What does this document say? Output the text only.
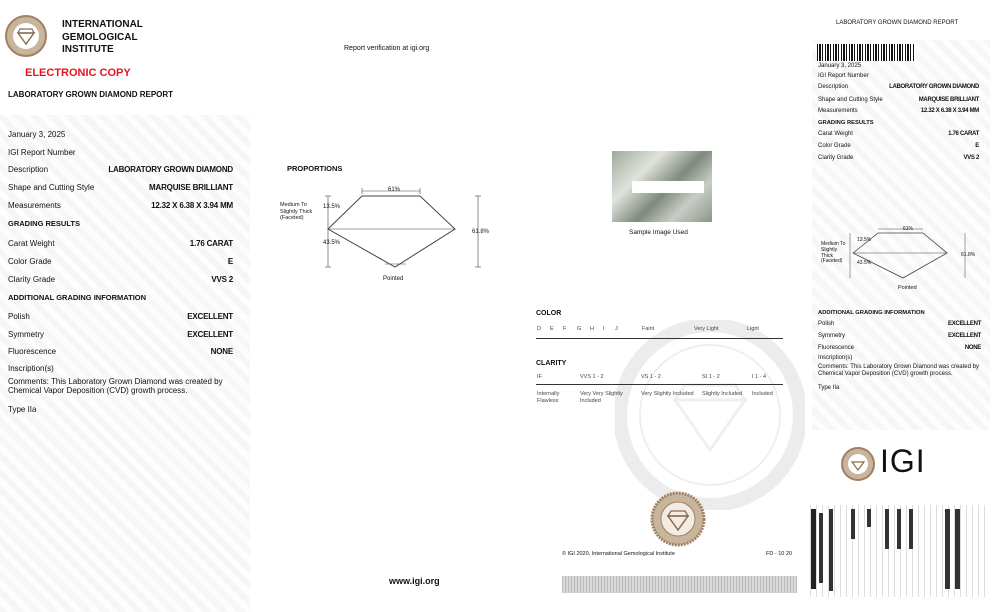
INTERNATIONAL
GEMOLOGICAL
INSTITUTE
ELECTRONIC COPY
LABORATORY GROWN DIAMOND REPORT
Report verification at igi.org
January 3, 2025
IGI Report Number
Description	LABORATORY GROWN DIAMOND
Shape and Cutting Style	MARQUISE BRILLIANT
Measurements	12.32 X 6.38 X 3.94 MM
GRADING RESULTS
Carat Weight	1.76 CARAT
Color Grade	E
Clarity Grade	VVS 2
ADDITIONAL GRADING INFORMATION
Polish	EXCELLENT
Symmetry	EXCELLENT
Fluorescence	NONE
Inscription(s)
Comments: This Laboratory Grown Diamond was created by Chemical Vapor Deposition (CVD) growth process.
Type IIa
PROPORTIONS
61%
13.5%
43.5%
61.8%
Medium To
Slightly Thick
(Faceted)
Pointed
Sample Image Used
COLOR
D E F G H I J	Faint	Very Light	Light
CLARITY
IF	VVS 1 - 2	VS 1 - 2	SI 1 - 2	I 1 - 4
Internally Flawless
Very Very Slightly Included
Very Slightly Included	Slightly Included	Included
© IGI 2020, International Gemological Institute	FD - 10 20
www.igi.org
LABORATORY GROWN DIAMOND REPORT
January 3, 2025
IGI Report Number
Description	LABORATORY GROWN DIAMOND
Shape and Cutting Style	MARQUISE BRILLIANT
Measurements	12.32 X 6.38 X 3.94 MM
GRADING RESULTS
Carat Weight	1.76 CARAT
Color Grade	E
Clarity Grade	VVS 2
61%
13.5%
43.5%
61.8%
Medium To
Slightly
Thick
(Faceted)
Pointed
ADDITIONAL GRADING INFORMATION
Polish	EXCELLENT
Symmetry	EXCELLENT
Fluorescence	NONE
Inscription(s)
Comments: This Laboratory Grown Diamond was created by Chemical Vapor Deposition (CVD) growth process.
Type IIa
IGI
